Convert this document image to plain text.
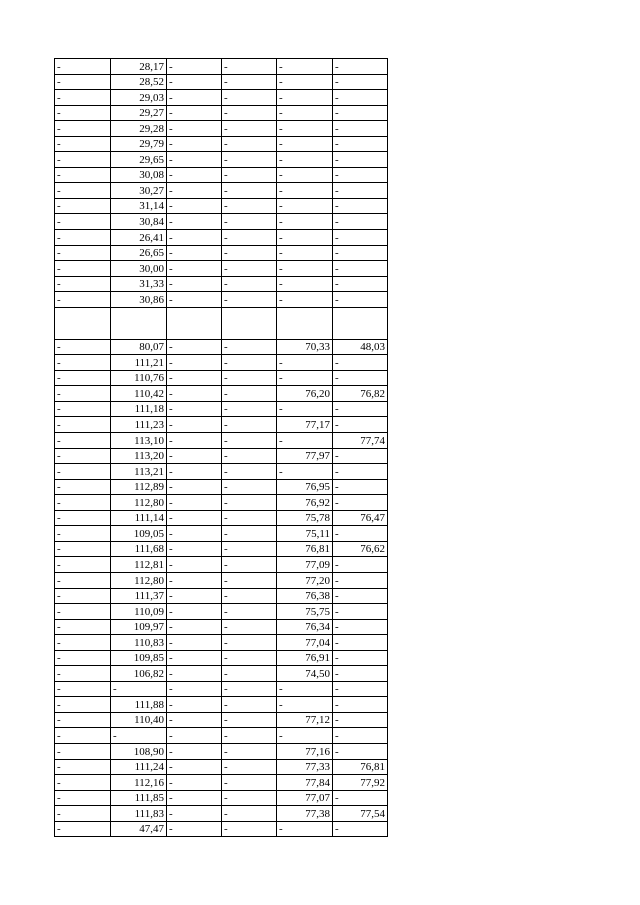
-	28,17	-	-	-	-
-	28,52	-	-	-	-
-	29,03	-	-	-	-
-	29,27	-	-	-	-
-	29,28	-	-	-	-
-	29,79	-	-	-	-
-	29,65	-	-	-	-
-	30,08	-	-	-	-
-	30,27	-	-	-	-
-	31,14	-	-	-	-
-	30,84	-	-	-	-
-	26,41	-	-	-	-
-	26,65	-	-	-	-
-	30,00	-	-	-	-
-	31,33	-	-	-	-
-	30,86	-	-	-	-

-	80,07	-	-	70,33	48,03
-	111,21	-	-	-	-
-	110,76	-	-	-	-
-	110,42	-	-	76,20	76,82
-	111,18	-	-	-	-
-	111,23	-	-	77,17	-
-	113,10	-	-	-	77,74
-	113,20	-	-	77,97	-
-	113,21	-	-	-	-
-	112,89	-	-	76,95	-
-	112,80	-	-	76,92	-
-	111,14	-	-	75,78	76,47
-	109,05	-	-	75,11	-
-	111,68	-	-	76,81	76,62
-	112,81	-	-	77,09	-
-	112,80	-	-	77,20	-
-	111,37	-	-	76,38	-
-	110,09	-	-	75,75	-
-	109,97	-	-	76,34	-
-	110,83	-	-	77,04	-
-	109,85	-	-	76,91	-
-	106,82	-	-	74,50	-
-	-	-	-	-	-
-	111,88	-	-	-	-
-	110,40	-	-	77,12	-
-	-	-	-	-	-
-	108,90	-	-	77,16	-
-	111,24	-	-	77,33	76,81
-	112,16	-	-	77,84	77,92
-	111,85	-	-	77,07	-
-	111,83	-	-	77,38	77,54
-	47,47	-	-	-	-
